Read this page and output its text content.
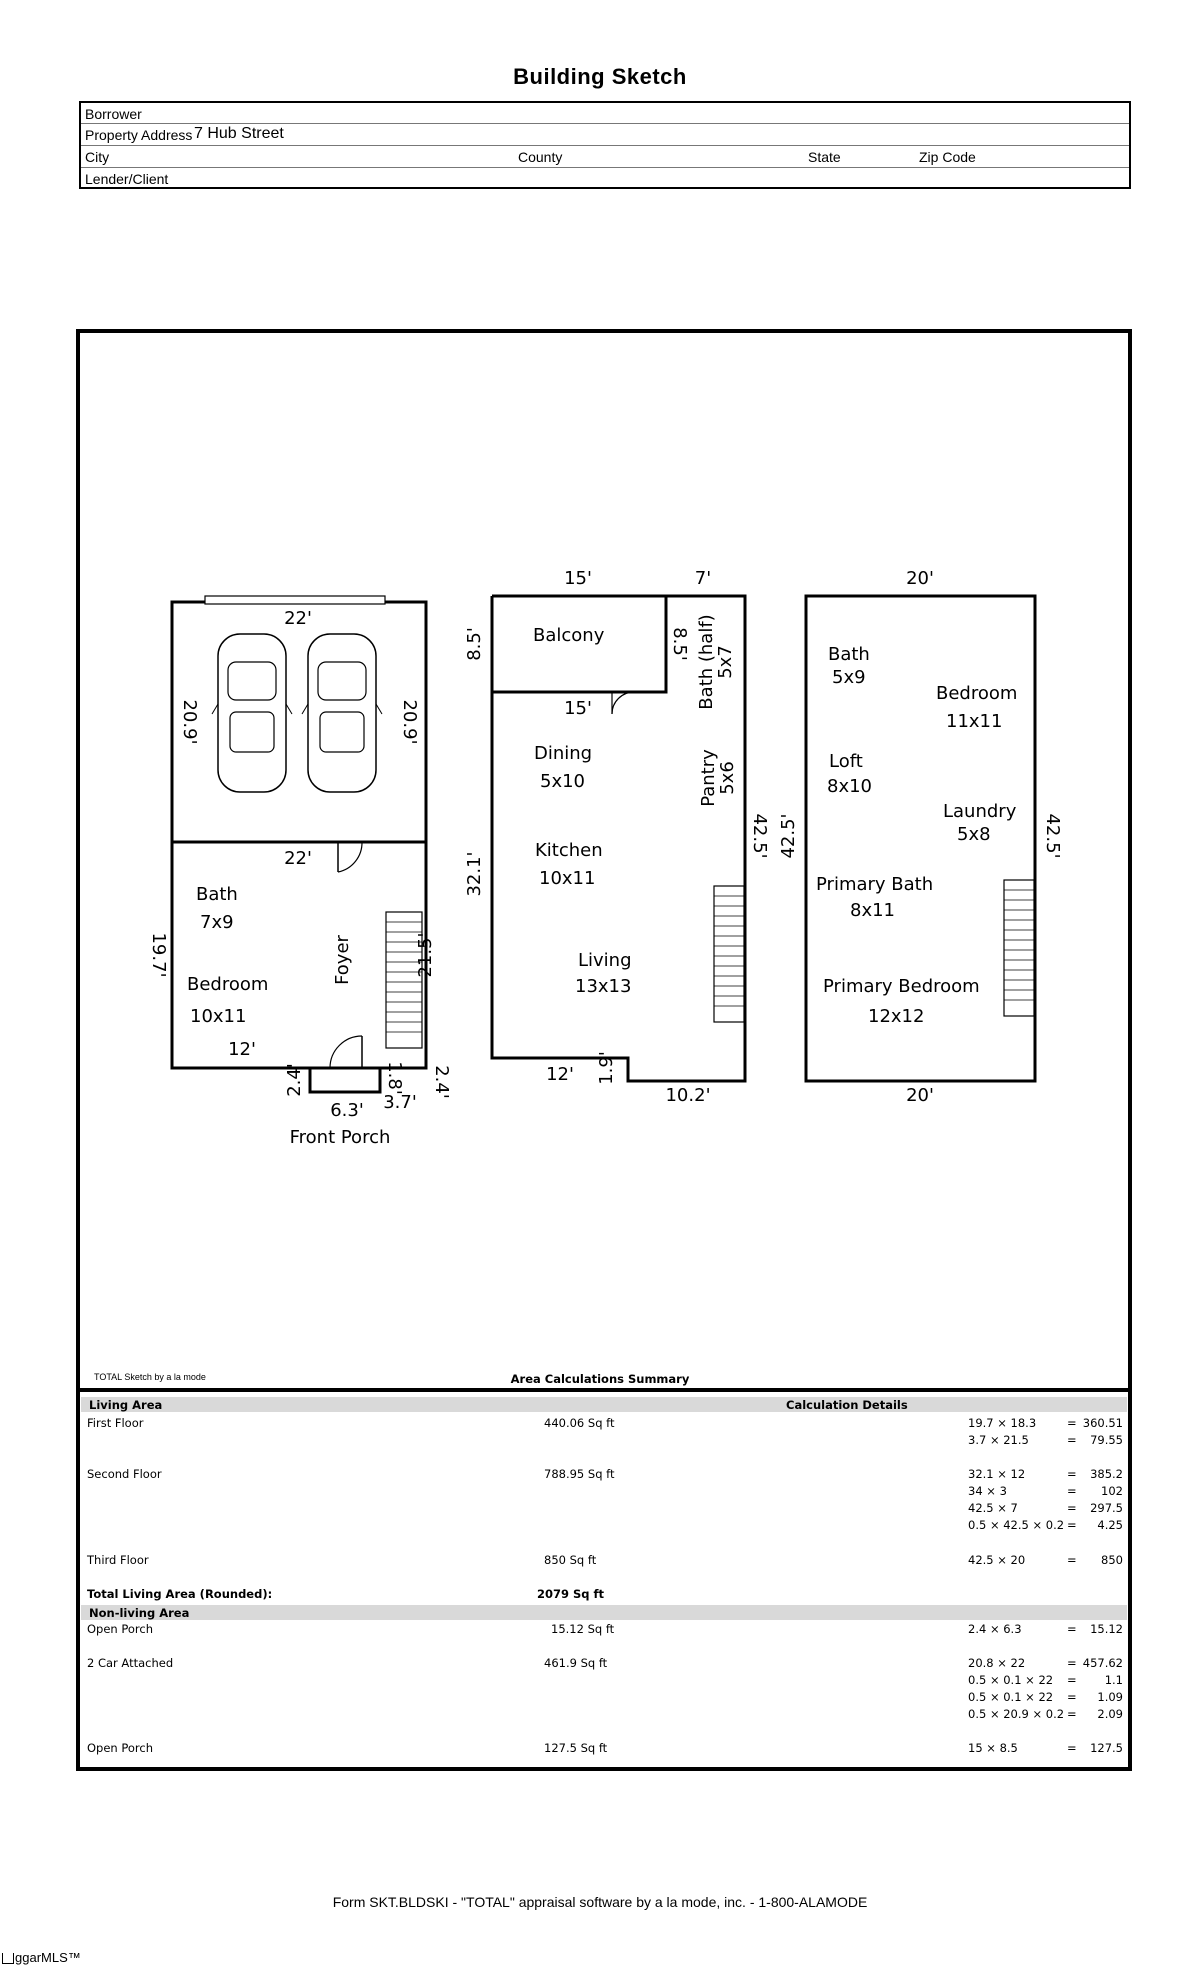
Building Sketch
Borrower
Property Address 7 Hub Street
City	County	State	Zip Code
Lender/Client
22'
20.9'	20.9'
22'
Bath
7x9
Bedroom
10x11
Foyer
19.7'	21.5'
12'
2.4'	1.8'
6.3' 3.7'
2.4'
Front Porch
Balcony	Bath (half)
5x7
Pantry
5x6
Dining
5x10
Kitchen
10x11
Living
13x13
15'	7'
8.5'
15'
8.5'
32.1'
42.5'
12' 1.9'
10.2'
Bath
5x9
Bedroom
11x11
Loft
8x10
Laundry
5x8
Primary Bath
8x11
Primary Bedroom
12x12
20'
20'
42.5'	42.5'
TOTAL Sketch by a la mode	Area Calculations Summary
Living Area	Calculation Details
First Floor	440.06 Sq ft	19.7 × 18.3	= 360.51
3.7 × 21.5	= 79.55
Second Floor	788.95 Sq ft	32.1 × 12	= 385.2
34 × 3	= 102
42.5 × 7	= 297.5
0.5 × 42.5 × 0.2 = 4.25
Third Floor	850 Sq ft	42.5 × 20	= 850
Total Living Area (Rounded):	2079 Sq ft
Non-living Area
Open Porch	15.12 Sq ft	2.4 × 6.3	= 15.12
2 Car Attached	461.9 Sq ft	20.8 × 22	= 457.62
0.5 × 0.1 × 22 = 1.1
0.5 × 0.1 × 22 = 1.09
0.5 × 20.9 × 0.2 = 2.09
Open Porch	127.5 Sq ft	15 × 8.5	= 127.5
Form SKT.BLDSKI - "TOTAL" appraisal software by a la mode, inc. - 1-800-ALAMODE
ggarMLS™
